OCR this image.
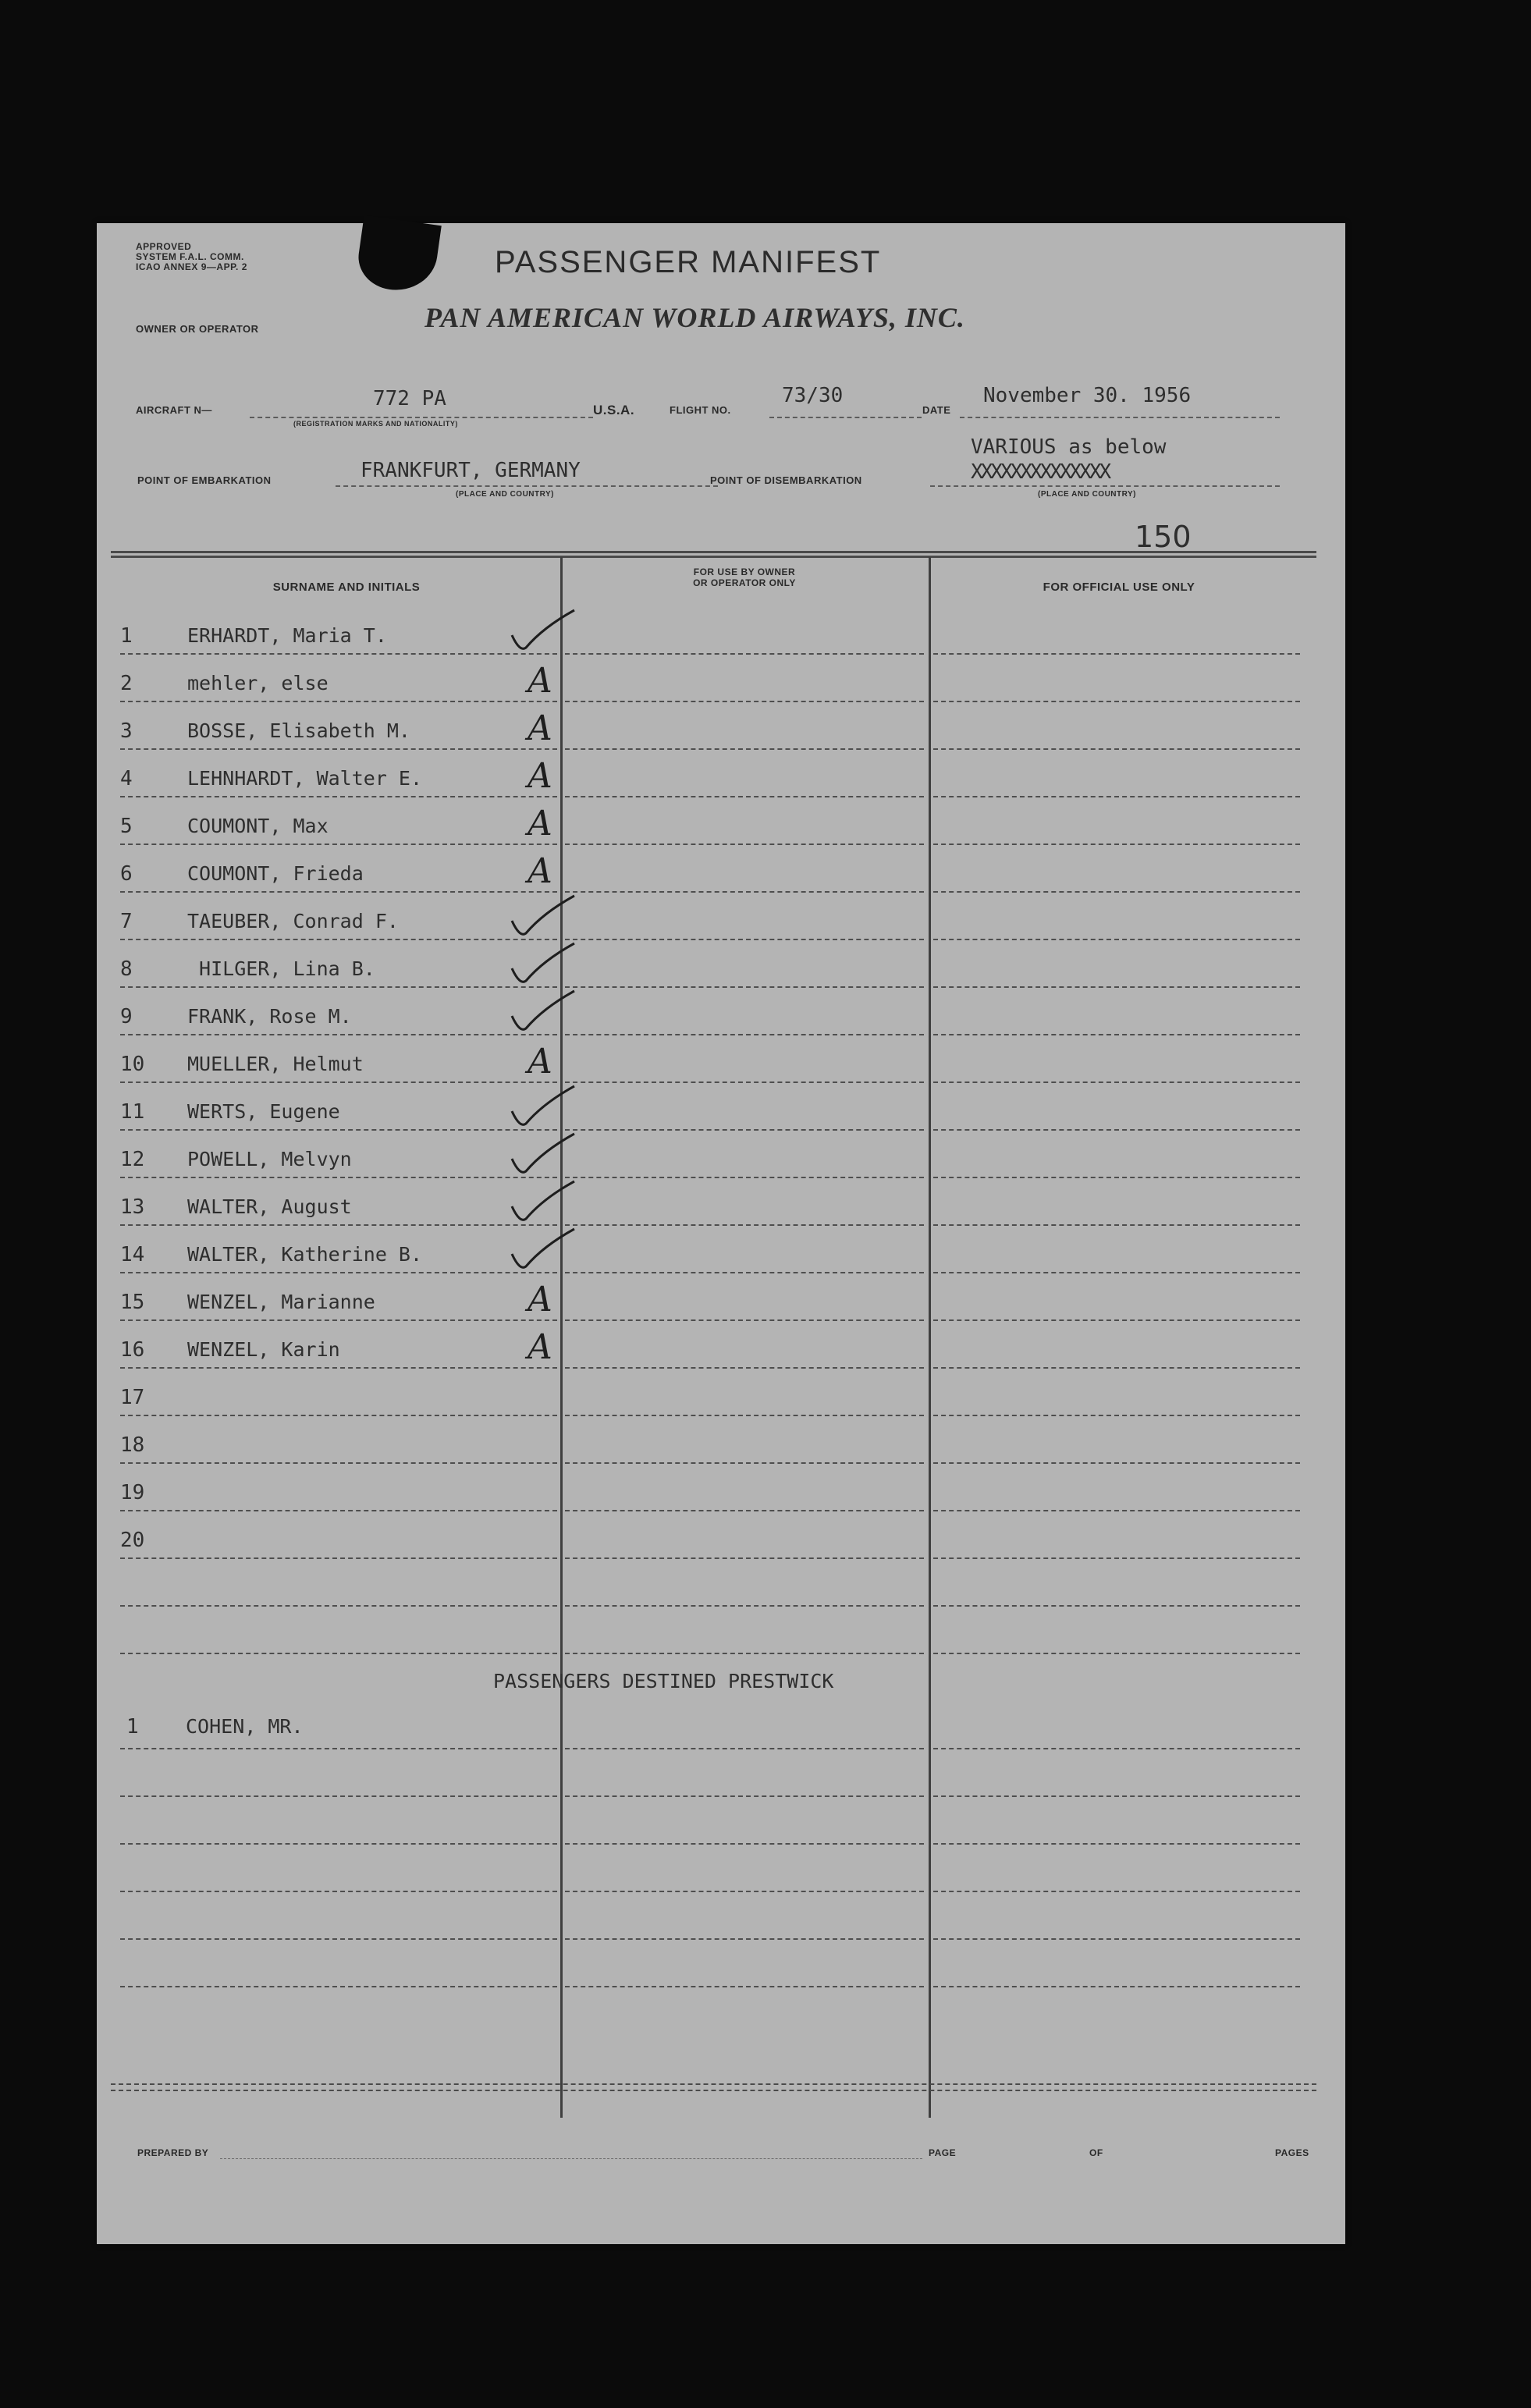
APPROVED
SYSTEM F.A.L. COMM.
ICAO ANNEX 9—APP. 2	PASSENGER MANIFEST
OWNER OR OPERATOR	PAN AMERICAN WORLD AIRWAYS, INC.
AIRCRAFT N—	772 PA
(REGISTRATION MARKS AND NATIONALITY)
U.S.A.	FLIGHT NO.
73/30
DATE
November 30. 1956
POINT OF EMBARKATION	FRANKFURT, GERMANY
(PLACE AND COUNTRY)
POINT OF DISEMBARKATION
VARIOUS as below
XXXXXXXXXXXXXX
(PLACE AND COUNTRY)
150
SURNAME AND INITIALS
FOR USE BY OWNER
OR OPERATOR ONLY	FOR OFFICIAL USE ONLY
1	ERHARDT, Maria T.
2	mehler, else	A
3	BOSSE, Elisabeth M.	A
4	LEHNHARDT, Walter E.	A
5	COUMONT, Max	A
6	COUMONT, Frieda	A
7	TAEUBER, Conrad F.
8	HILGER, Lina B.
9	FRANK, Rose M.
10 MUELLER, Helmut	A
11 WERTS, Eugene
12 POWELL, Melvyn
13 WALTER, August
14 WALTER, Katherine B.
15 WENZEL, Marianne	A
16 WENZEL, Karin	A
17
18
19
20
PASSENGERS DESTINED PRESTWICK
1 COHEN, MR.
PREPARED BY	PAGE	OF	PAGES
